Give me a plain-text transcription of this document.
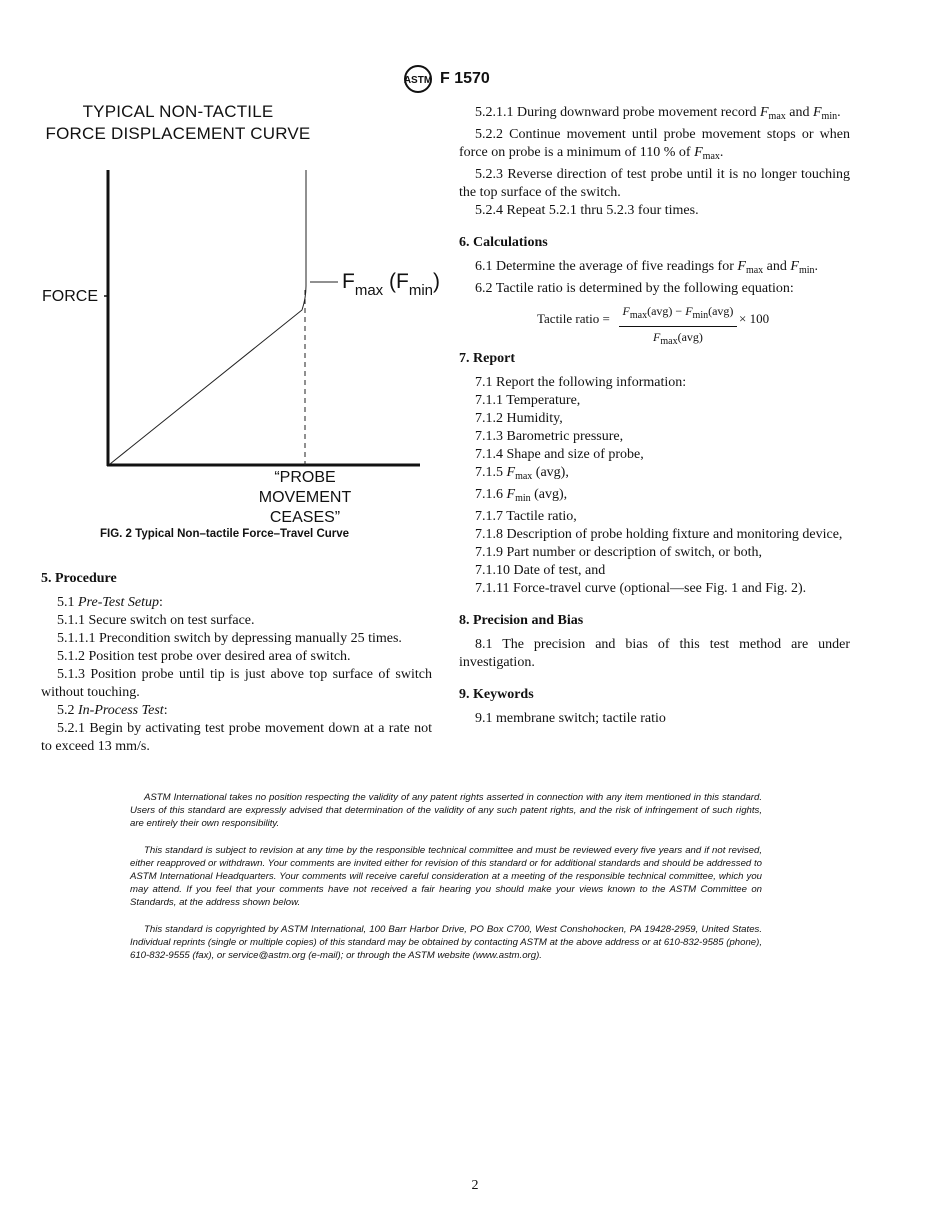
ASTM F 1570
TYPICAL NON-TACTILE
FORCE DISPLACEMENT CURVE
FORCE
$F_{max}$ $(F_{min})$
“PROBE
MOVEMENT
CEASES”
FIG. 2 Typical Non–tactile Force–Travel Curve
5. Procedure
5.1 Pre-Test Setup:
5.1.1 Secure switch on test surface.
5.1.1.1 Precondition switch by depressing manually 25 times.
5.1.2 Position test probe over desired area of switch.
5.1.3 Position probe until tip is just above top surface of switch without touching.
5.2 In-Process Test:
5.2.1 Begin by activating test probe movement down at a rate not to exceed 13 mm/s.
5.2.1.1 During downward probe movement record $F_{max}$ and $F_{min}$.
5.2.2 Continue movement until probe movement stops or when force on probe is a minimum of 110 % of $F_{max}$.
5.2.3 Reverse direction of test probe until it is no longer touching the top surface of the switch.
5.2.4 Repeat 5.2.1 thru 5.2.3 four times.
6. Calculations
6.1 Determine the average of five readings for $F_{max}$ and $F_{min}$.
6.2 Tactile ratio is determined by the following equation:
Tactile ratio = $F_{max}(avg) - F_{min}(avg)$
$F_{max}(avg)$
× 100
7. Report
7.1 Report the following information:
7.1.1 Temperature,
7.1.2 Humidity,
7.1.3 Barometric pressure,
7.1.4 Shape and size of probe,
7.1.5 $F_{max}$ (avg),
7.1.6 $F_{min}$ (avg),
7.1.7 Tactile ratio,
7.1.8 Description of probe holding fixture and monitoring device,
7.1.9 Part number or description of switch, or both,
7.1.10 Date of test, and
7.1.11 Force-travel curve (optional—see Fig. 1 and Fig. 2).
8. Precision and Bias
8.1 The precision and bias of this test method are under investigation.
9. Keywords
9.1 membrane switch; tactile ratio
ASTM International takes no position respecting the validity of any patent rights asserted in connection with any item mentioned in this standard. Users of this standard are expressly advised that determination of the validity of any such patent rights, and the risk of infringement of such rights, are entirely their own responsibility.
This standard is subject to revision at any time by the responsible technical committee and must be reviewed every five years and if not revised, either reapproved or withdrawn. Your comments are invited either for revision of this standard or for additional standards and should be addressed to ASTM International Headquarters. Your comments will receive careful consideration at a meeting of the responsible technical committee, which you may attend. If you feel that your comments have not received a fair hearing you should make your views known to the ASTM Committee on Standards, at the address shown below.
This standard is copyrighted by ASTM International, 100 Barr Harbor Drive, PO Box C700, West Conshohocken, PA 19428-2959, United States. Individual reprints (single or multiple copies) of this standard may be obtained by contacting ASTM at the above address or at 610-832-9585 (phone), 610-832-9555 (fax), or service@astm.org (e-mail); or through the ASTM website (www.astm.org).
2
